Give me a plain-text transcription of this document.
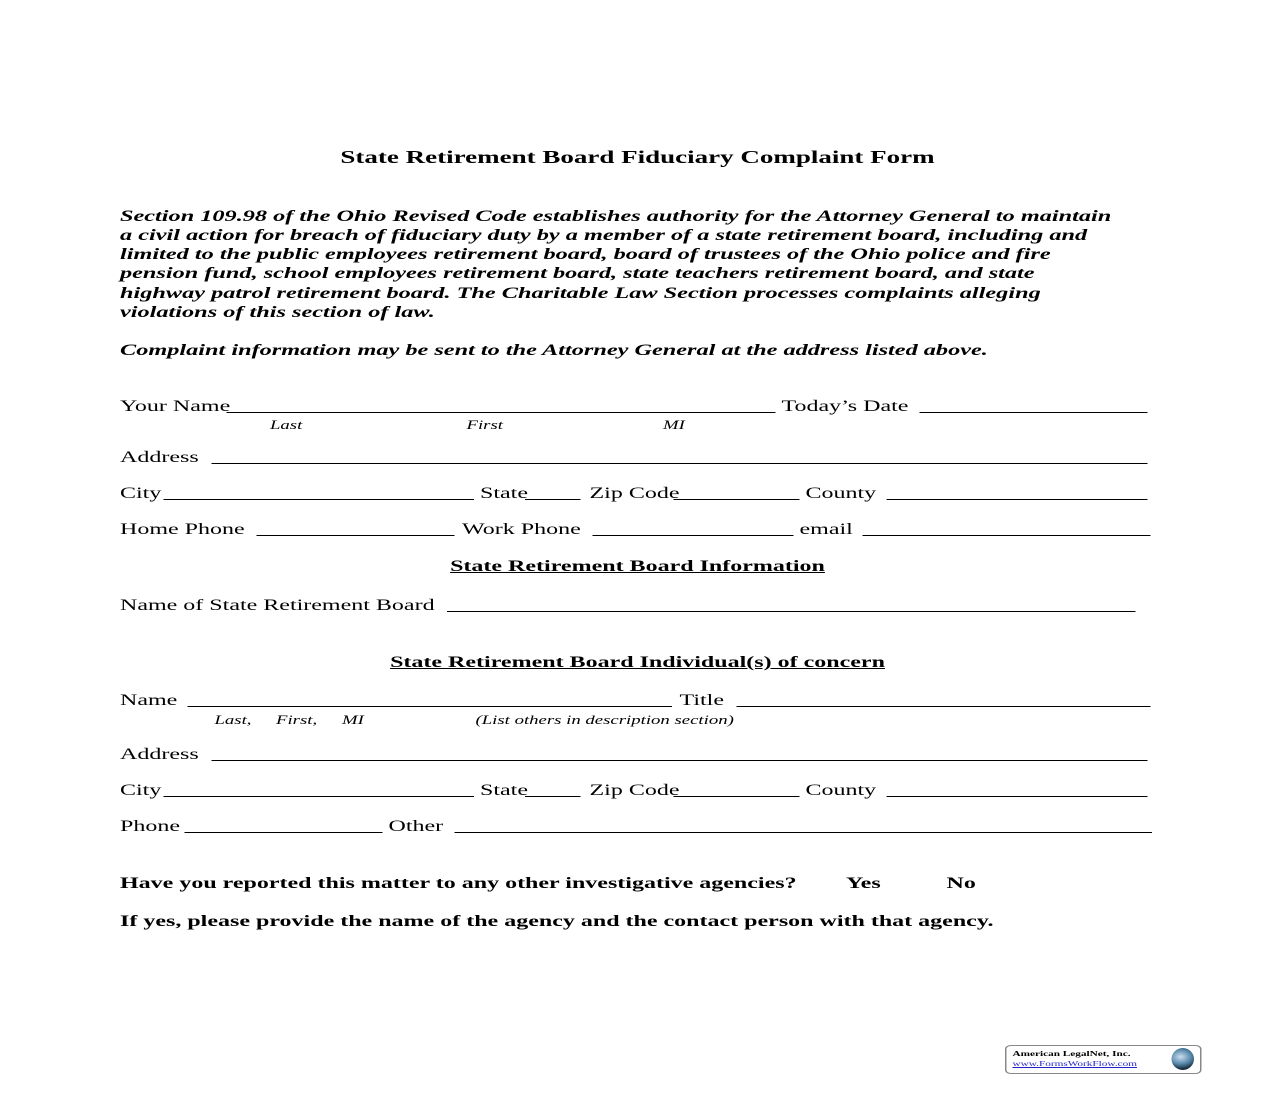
State Retirement Board Fiduciary Complaint Form
Section 109.98 of the Ohio Revised Code establishes authority for the Attorney General to maintain
a civil action for breach of fiduciary duty by a member of a state retirement board, including and
limited to the public employees retirement board, board of trustees of the Ohio police and fire
pension fund, school employees retirement board, state teachers retirement board, and state
highway patrol retirement board. The Charitable Law Section processes complaints alleging
violations of this section of law.
Complaint information may be sent to the Attorney General at the address listed above.
Your Name	Today’s Date
Last	First	MI
Address
City	State	Zip Code	County
Home Phone	Work Phone	email
State Retirement Board Information
Name of State Retirement Board
State Retirement Board Individual(s) of concern
Name	Title
Last, First, MI	(List others in description section)
Address
City	State	Zip Code	County
Phone	Other
Have you reported this matter to any other investigative agencies?	Yes	No
If yes, please provide the name of the agency and the contact person with that agency.
American LegalNet, Inc.
www.FormsWorkFlow.com
